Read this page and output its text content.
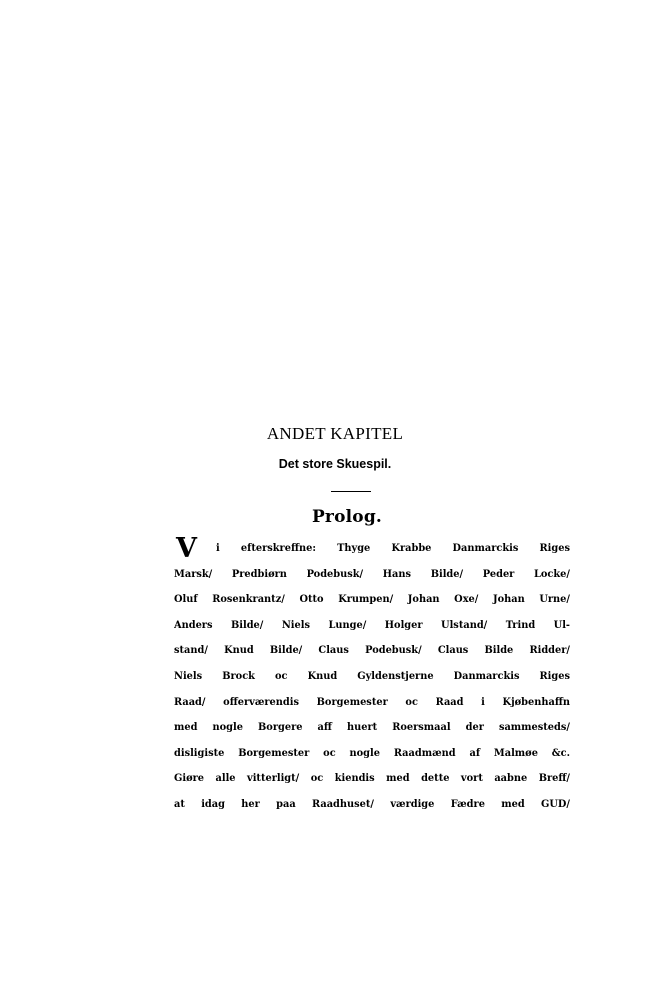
ANDET KAPITEL
Det store Skuespil.
Prolog.
V	i efterskreffne: Thyge Krabbe Danmarckis Riges
Marsk/ Predbiørn Podebusk/ Hans Bilde/ Peder Locke/
Oluf Rosenkrantz/ Otto Krumpen/ Johan Oxe/ Johan Urne/
Anders Bilde/ Niels Lunge/ Holger Ulstand/ Trind Ul-
stand/ Knud Bilde/ Claus Podebusk/ Claus Bilde Ridder/
Niels Brock oc Knud Gyldenstjerne Danmarckis Riges
Raad/ offerværendis Borgemester oc Raad i Kjøbenhaffn
med nogle Borgere aff huert Roersmaal der sammesteds/
disligiste Borgemester oc nogle Raadmænd af Malmøe &c.
Giøre alle vitterligt/ oc kiendis med dette vort aabne Breff/
at idag her paa Raadhuset/ værdige Fædre med GUD/
